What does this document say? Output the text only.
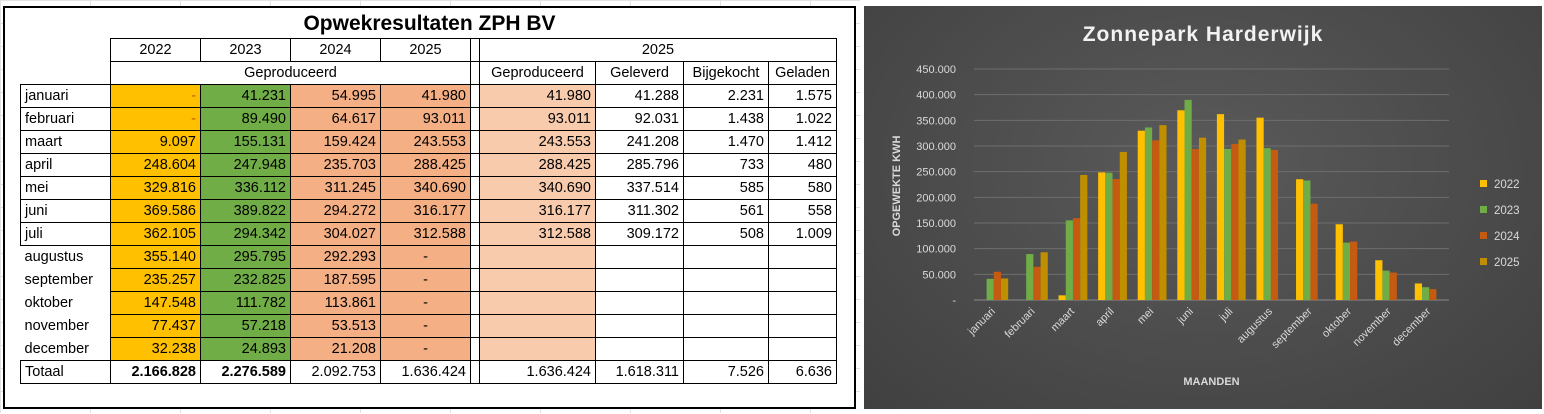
Opwekresultaten ZPH BV
	2022	2023	2024	2025		2025			
	Geproduceerd					Geproduceerd	Geleverd	Bijgekocht	Geladen
januari	-	41.231	54.995	41.980		41.980	41.288	2.231	1.575
februari	-	89.490	64.617	93.011		93.011	92.031	1.438	1.022
maart	9.097	155.131	159.424	243.553		243.553	241.208	1.470	1.412
april	248.604	247.948	235.703	288.425		288.425	285.796	733	480
mei	329.816	336.112	311.245	340.690		340.690	337.514	585	580
juni	369.586	389.822	294.272	316.177		316.177	311.302	561	558
juli	362.105	294.342	304.027	312.588		312.588	309.172	508	1.009
augustus	355.140	295.795	292.293	-					
september	235.257	232.825	187.595	-					
oktober	147.548	111.782	113.861	-					
november	77.437	57.218	53.513	-					
december	32.238	24.893	21.208	-					
Totaal	2.166.828	2.276.589	2.092.753	1.636.424		1.636.424	1.618.311	7.526	6.636
Zonnepark Harderwijk
-
50.000
100.000
150.000
200.000
250.000
300.000
350.000
400.000
450.000
januari februari maart april mei juni juli augustus
september oktober
november
december
MAANDEN
OPGEWEKTE KWH	2022
2023
2024
2025
